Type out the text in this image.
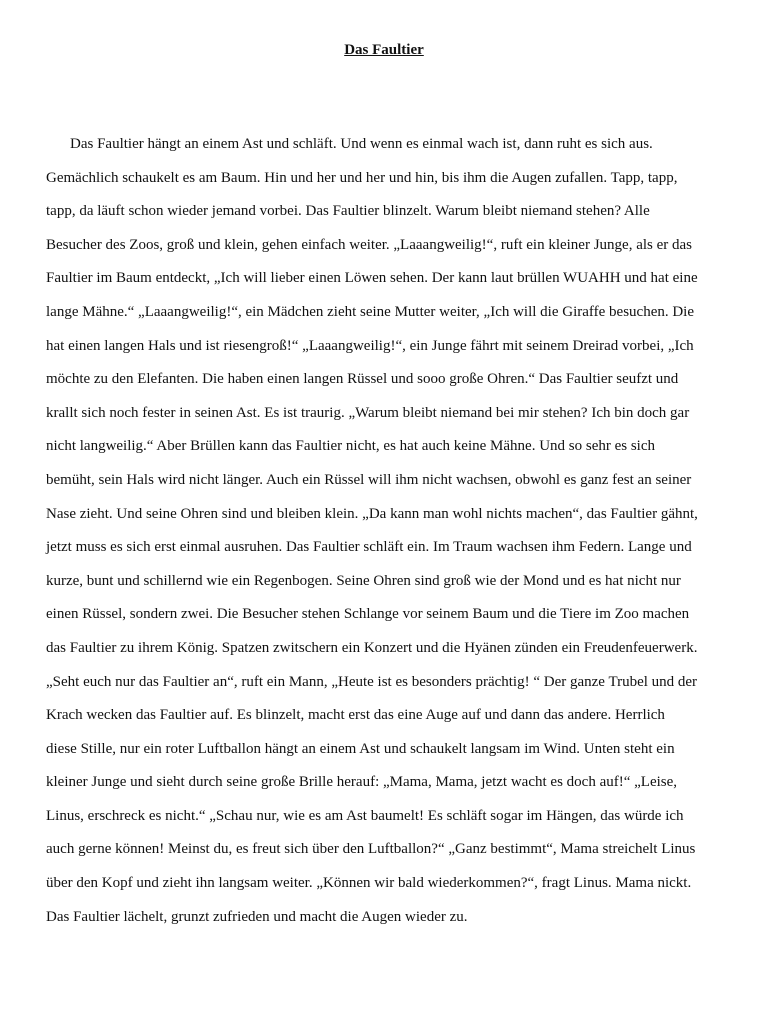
Das Faultier
Das Faultier hängt an einem Ast und schläft. Und wenn es einmal wach ist, dann ruht es sich aus.
Gemächlich schaukelt es am Baum. Hin und her und her und hin, bis ihm die Augen zufallen. Tapp, tapp,
tapp, da läuft schon wieder jemand vorbei. Das Faultier blinzelt. Warum bleibt niemand stehen? Alle
Besucher des Zoos, groß und klein, gehen einfach weiter. „Laaangweilig!“, ruft ein kleiner Junge, als er das
Faultier im Baum entdeckt, „Ich will lieber einen Löwen sehen. Der kann laut brüllen WUAHH und hat eine
lange Mähne.“ „Laaangweilig!“, ein Mädchen zieht seine Mutter weiter, „Ich will die Giraffe besuchen. Die
hat einen langen Hals und ist riesengroß!“ „Laaangweilig!“, ein Junge fährt mit seinem Dreirad vorbei, „Ich
möchte zu den Elefanten. Die haben einen langen Rüssel und sooo große Ohren.“ Das Faultier seufzt und
krallt sich noch fester in seinen Ast. Es ist traurig. „Warum bleibt niemand bei mir stehen? Ich bin doch gar
nicht langweilig.“ Aber Brüllen kann das Faultier nicht, es hat auch keine Mähne. Und so sehr es sich
bemüht, sein Hals wird nicht länger. Auch ein Rüssel will ihm nicht wachsen, obwohl es ganz fest an seiner
Nase zieht. Und seine Ohren sind und bleiben klein. „Da kann man wohl nichts machen“, das Faultier gähnt,
jetzt muss es sich erst einmal ausruhen. Das Faultier schläft ein. Im Traum wachsen ihm Federn. Lange und
kurze, bunt und schillernd wie ein Regenbogen. Seine Ohren sind groß wie der Mond und es hat nicht nur
einen Rüssel, sondern zwei. Die Besucher stehen Schlange vor seinem Baum und die Tiere im Zoo machen
das Faultier zu ihrem König. Spatzen zwitschern ein Konzert und die Hyänen zünden ein Freudenfeuerwerk.
„Seht euch nur das Faultier an“, ruft ein Mann, „Heute ist es besonders prächtig! “ Der ganze Trubel und der
Krach wecken das Faultier auf. Es blinzelt, macht erst das eine Auge auf und dann das andere. Herrlich
diese Stille, nur ein roter Luftballon hängt an einem Ast und schaukelt langsam im Wind. Unten steht ein
kleiner Junge und sieht durch seine große Brille herauf: „Mama, Mama, jetzt wacht es doch auf!“ „Leise,
Linus, erschreck es nicht.“ „Schau nur, wie es am Ast baumelt! Es schläft sogar im Hängen, das würde ich
auch gerne können! Meinst du, es freut sich über den Luftballon?“ „Ganz bestimmt“, Mama streichelt Linus
über den Kopf und zieht ihn langsam weiter. „Können wir bald wiederkommen?“, fragt Linus. Mama nickt.
Das Faultier lächelt, grunzt zufrieden und macht die Augen wieder zu.
